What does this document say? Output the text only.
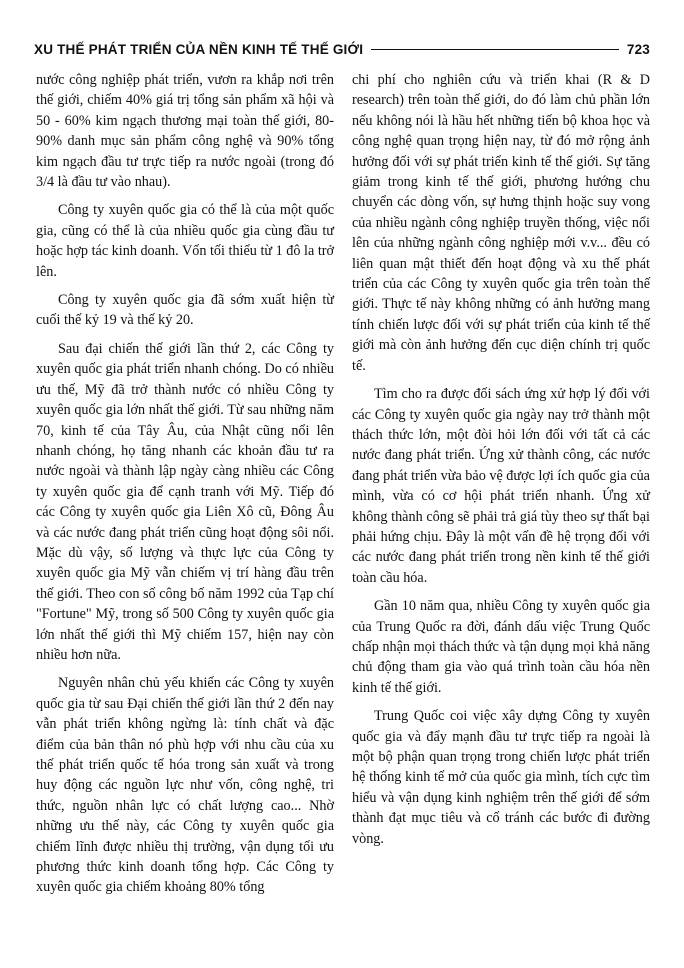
XU THẾ PHÁT TRIỂN CỦA NỀN KINH TẾ THẾ GIỚI	723

nước công nghiệp phát triển, vươn ra khắp nơi trên thế giới, chiếm 40% giá trị tổng sản phẩm xã hội và 50 - 60% kim ngạch thương mại toàn thế giới, 80- 90% danh mục sản phẩm công nghệ và 90% tổng kim ngạch đầu tư trực tiếp ra nước ngoài (trong đó 3/4 là đầu tư vào nhau).

Công ty xuyên quốc gia có thể là của một quốc gia, cũng có thể là của nhiều quốc gia cùng đầu tư hoặc hợp tác kinh doanh. Vốn tối thiểu từ 1 đô la trở lên.

Công ty xuyên quốc gia đã sớm xuất hiện từ cuối thế kỷ 19 và thế kỷ 20.

Sau đại chiến thế giới lần thứ 2, các Công ty xuyên quốc gia phát triển nhanh chóng. Do có nhiều ưu thế, Mỹ đã trở thành nước có nhiều Công ty xuyên quốc gia lớn nhất thế giới. Từ sau những năm 70, kinh tế của Tây Âu, của Nhật cũng nổi lên nhanh chóng, họ tăng nhanh các khoản đầu tư ra nước ngoài và thành lập ngày càng nhiều các Công ty xuyên quốc gia để cạnh tranh với Mỹ. Tiếp đó các Công ty xuyên quốc gia Liên Xô cũ, Đông Âu và các nước đang phát triển cũng hoạt động sôi nổi. Mặc dù vậy, số lượng và thực lực của Công ty xuyên quốc gia Mỹ vẫn chiếm vị trí hàng đầu trên thế giới. Theo con số công bố năm 1992 của Tạp chí "Fortune" Mỹ, trong số 500 Công ty xuyên quốc gia lớn nhất thế giới thì Mỹ chiếm 157, hiện nay còn nhiều hơn nữa.

Nguyên nhân chủ yếu khiến các Công ty xuyên quốc gia từ sau Đại chiến thế giới lần thứ 2 đến nay vẫn phát triển không ngừng là: tính chất và đặc điểm của bản thân nó phù hợp với nhu cầu của xu thế phát triển quốc tế hóa trong sản xuất và trong huy động các nguồn lực như vốn, công nghệ, tri thức, nguồn nhân lực có chất lượng cao... Nhờ những ưu thế này, các Công ty xuyên quốc gia chiếm lĩnh được nhiều thị trường, vận dụng tối ưu phương thức kinh doanh tổng hợp. Các Công ty xuyên quốc gia chiếm khoảng 80% tổng

chi phí cho nghiên cứu và triển khai (R & D research) trên toàn thế giới, do đó làm chủ phần lớn nếu không nói là hầu hết những tiến bộ khoa học và công nghệ quan trọng hiện nay, từ đó mở rộng ảnh hưởng đối với sự phát triển kinh tế thế giới. Sự tăng giảm trong kinh tế thế giới, phương hướng chu chuyển các dòng vốn, sự hưng thịnh hoặc suy vong của nhiều ngành công nghiệp truyền thống, việc nổi lên của những ngành công nghiệp mới v.v... đều có liên quan mật thiết đến hoạt động và xu thế phát triển của các Công ty xuyên quốc gia trên toàn thế giới. Thực tế này không những có ảnh hưởng mang tính chiến lược đối với sự phát triển của kinh tế thế giới mà còn ảnh hưởng đến cục diện chính trị quốc tế.

Tìm cho ra được đối sách ứng xử hợp lý đối với các Công ty xuyên quốc gia ngày nay trở thành một thách thức lớn, một đòi hỏi lớn đối với tất cả các nước đang phát triển. Ứng xử thành công, các nước đang phát triển vừa bảo vệ được lợi ích quốc gia của mình, vừa có cơ hội phát triển nhanh. Ứng xử không thành công sẽ phải trả giá tùy theo sự thất bại phải hứng chịu. Đây là một vấn đề hệ trọng đối với các nước đang phát triển trong nền kinh tế thế giới toàn cầu hóa.

Gần 10 năm qua, nhiều Công ty xuyên quốc gia của Trung Quốc ra đời, đánh dấu việc Trung Quốc chấp nhận mọi thách thức và tận dụng mọi khả năng chủ động tham gia vào quá trình toàn cầu hóa nền kinh tế thế giới.

Trung Quốc coi việc xây dựng Công ty xuyên quốc gia và đẩy mạnh đầu tư trực tiếp ra ngoài là một bộ phận quan trọng trong chiến lược phát triển hệ thống kinh tế mở của quốc gia mình, tích cực tìm hiểu và vận dụng kinh nghiệm trên thế giới để sớm thành đạt mục tiêu và cố tránh các bước đi đường vòng.
